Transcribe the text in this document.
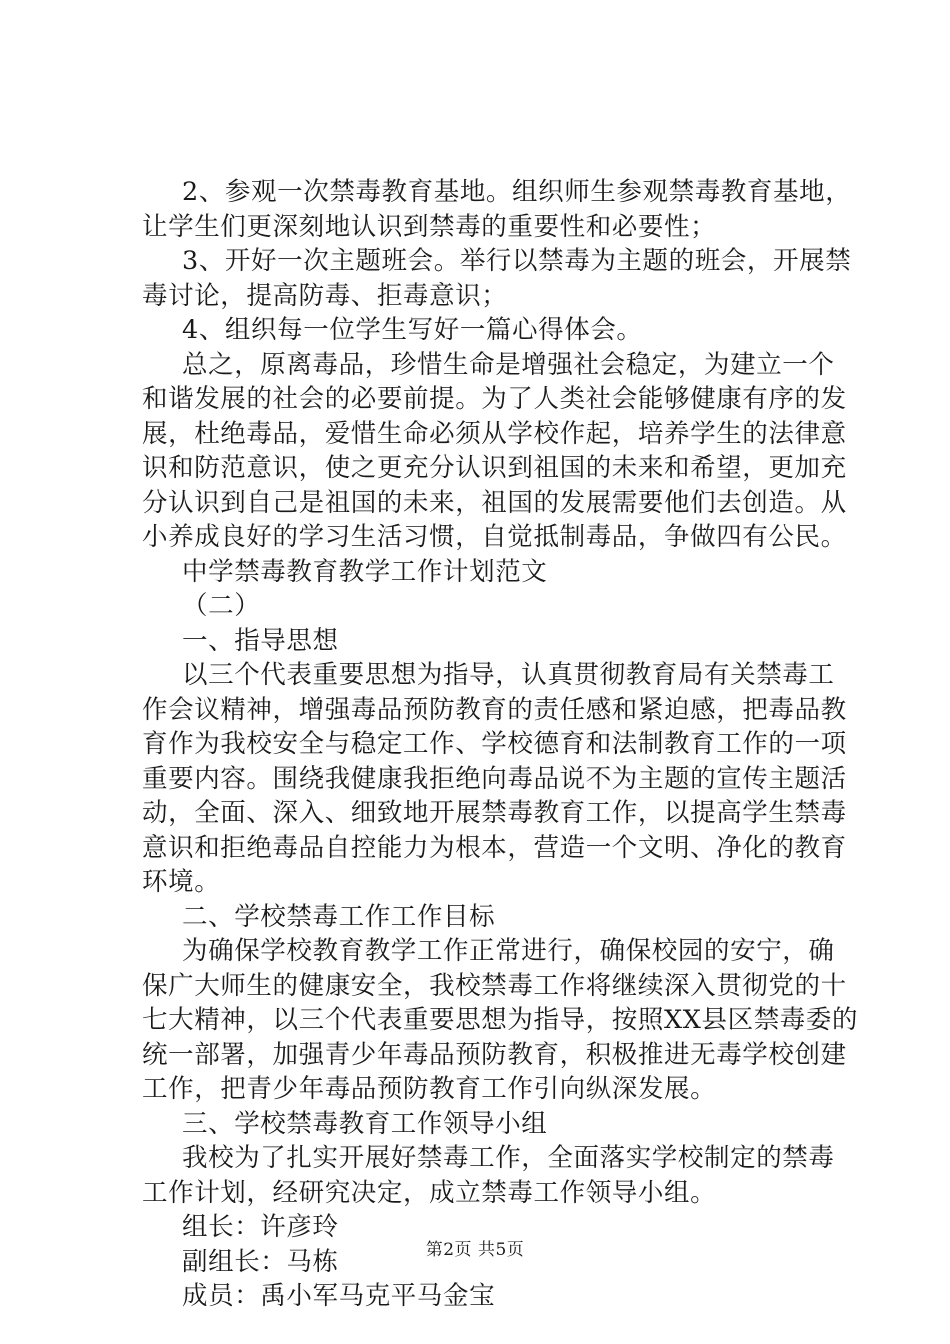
2、参观一次禁毒教育基地。组织师生参观禁毒教育基地，
让学生们更深刻地认识到禁毒的重要性和必要性；
3、开好一次主题班会。举行以禁毒为主题的班会，开展禁
毒讨论，提高防毒、拒毒意识；
4、组织每一位学生写好一篇心得体会。
总之，原离毒品，珍惜生命是增强社会稳定，为建立一个
和谐发展的社会的必要前提。为了人类社会能够健康有序的发
展，杜绝毒品，爱惜生命必须从学校作起，培养学生的法律意
识和防范意识，使之更充分认识到祖国的未来和希望，更加充
分认识到自己是祖国的未来，祖国的发展需要他们去创造。从
小养成良好的学习生活习惯，自觉抵制毒品，争做四有公民。
中学禁毒教育教学工作计划范文
（二）
一、指导思想
以三个代表重要思想为指导，认真贯彻教育局有关禁毒工
作会议精神，增强毒品预防教育的责任感和紧迫感，把毒品教
育作为我校安全与稳定工作、学校德育和法制教育工作的一项
重要内容。围绕我健康我拒绝向毒品说不为主题的宣传主题活
动，全面、深入、细致地开展禁毒教育工作，以提高学生禁毒
意识和拒绝毒品自控能力为根本，营造一个文明、净化的教育
环境。
二、学校禁毒工作工作目标
为确保学校教育教学工作正常进行，确保校园的安宁，确
保广大师生的健康安全，我校禁毒工作将继续深入贯彻党的十
七大精神，以三个代表重要思想为指导，按照XX县区禁毒委的
统一部署，加强青少年毒品预防教育，积极推进无毒学校创建
工作，把青少年毒品预防教育工作引向纵深发展。
三、学校禁毒教育工作领导小组
我校为了扎实开展好禁毒工作，全面落实学校制定的禁毒
工作计划，经研究决定，成立禁毒工作领导小组。
组长：许彦玲
副组长：马栋
成员：禹小军马克平马金宝
第2页 共5页
